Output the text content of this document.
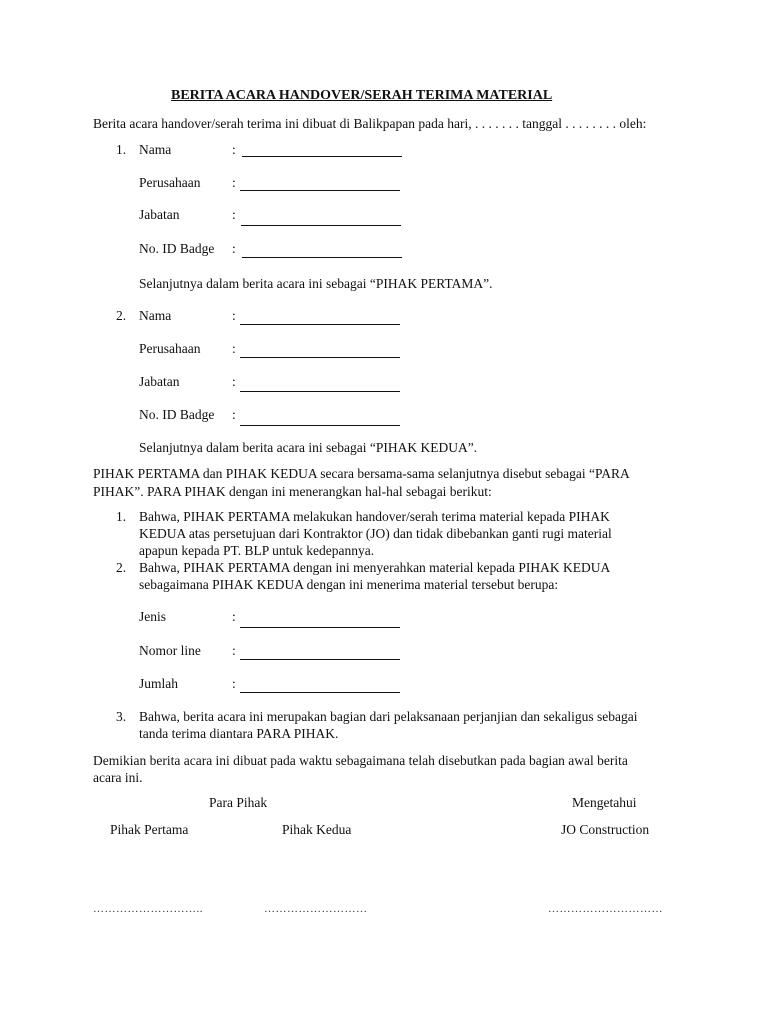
BERITA ACARA HANDOVER/SERAH TERIMA MATERIAL
Berita acara handover/serah terima ini dibuat di Balikpapan pada hari, . . . . . . . tanggal . . . . . . . . oleh:
1. Nama	:
Perusahaan :
Jabatan	:
No. ID Badge :
Selanjutnya dalam berita acara ini sebagai “PIHAK PERTAMA”.
2. Nama	:
Perusahaan :
Jabatan	:
No. ID Badge :
Selanjutnya dalam berita acara ini sebagai “PIHAK KEDUA”.
PIHAK PERTAMA dan PIHAK KEDUA secara bersama-sama selanjutnya disebut sebagai “PARA
PIHAK”. PARA PIHAK dengan ini menerangkan hal-hal sebagai berikut:
1. Bahwa, PIHAK PERTAMA melakukan handover/serah terima material kepada PIHAK
KEDUA atas persetujuan dari Kontraktor (JO) dan tidak dibebankan ganti rugi material
apapun kepada PT. BLP untuk kedepannya.
2. Bahwa, PIHAK PERTAMA dengan ini menyerahkan material kepada PIHAK KEDUA
sebagaimana PIHAK KEDUA dengan ini menerima material tersebut berupa:
Jenis	:
Nomor line :
Jumlah	:
3. Bahwa, berita acara ini merupakan bagian dari pelaksanaan perjanjian dan sekaligus sebagai
tanda terima diantara PARA PIHAK.
Demikian berita acara ini dibuat pada waktu sebagaimana telah disebutkan pada bagian awal berita
acara ini.
Para Pihak	Mengetahui
Pihak Pertama	Pihak Kedua	JO Construction
………………………..	………………………	…………………………
